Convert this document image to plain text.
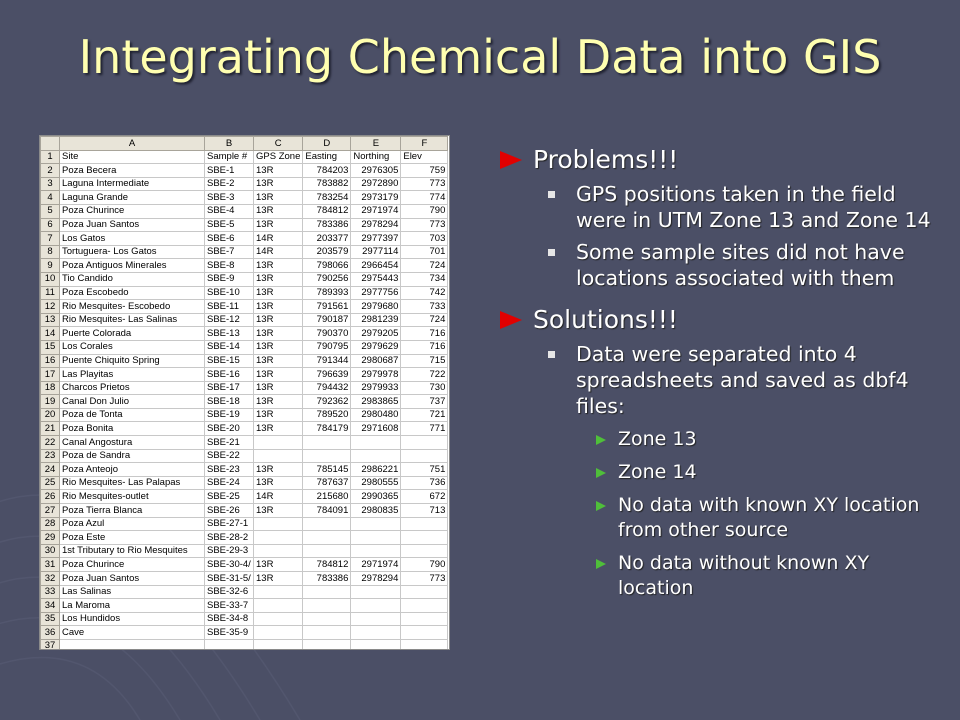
Integrating Chemical Data into GIS
	A	B	C	D	E	F
1	Site	Sample #	GPS Zone	Easting	Northing	Elev
2	Poza Becera	SBE-1	13R	784203	2976305	759
3	Laguna Intermediate	SBE-2	13R	783882	2972890	773
4	Laguna Grande	SBE-3	13R	783254	2973179	774
5	Poza Churince	SBE-4	13R	784812	2971974	790
6	Poza Juan Santos	SBE-5	13R	783386	2978294	773
7	Los Gatos	SBE-6	14R	203377	2977397	703
8	Tortuguera- Los Gatos	SBE-7	14R	203579	2977114	701
9	Poza Antiguos Minerales	SBE-8	13R	798066	2966454	724
10	Tio Candido	SBE-9	13R	790256	2975443	734
11	Poza Escobedo	SBE-10	13R	789393	2977756	742
12	Rio Mesquites- Escobedo	SBE-11	13R	791561	2979680	733
13	Rio Mesquites- Las Salinas	SBE-12	13R	790187	2981239	724
14	Puerte Colorada	SBE-13	13R	790370	2979205	716
15	Los Corales	SBE-14	13R	790795	2979629	716
16	Puente Chiquito Spring	SBE-15	13R	791344	2980687	715
17	Las Playitas	SBE-16	13R	796639	2979978	722
18	Charcos Prietos	SBE-17	13R	794432	2979933	730
19	Canal Don Julio	SBE-18	13R	792362	2983865	737
20	Poza de Tonta	SBE-19	13R	789520	2980480	721
21	Poza Bonita	SBE-20	13R	784179	2971608	771
22	Canal Angostura	SBE-21				
23	Poza de Sandra	SBE-22				
24	Poza Anteojo	SBE-23	13R	785145	2986221	751
25	Rio Mesquites- Las Palapas	SBE-24	13R	787637	2980555	736
26	Rio Mesquites-outlet	SBE-25	14R	215680	2990365	672
27	Poza Tierra Blanca	SBE-26	13R	784091	2980835	713
28	Poza Azul	SBE-27-1				
29	Poza Este	SBE-28-2				
30	1st Tributary to Rio Mesquites	SBE-29-3				
31	Poza Churince	SBE-30-4/	13R	784812	2971974	790
32	Poza Juan Santos	SBE-31-5/	13R	783386	2978294	773
33	Las Salinas	SBE-32-6				
34	La Maroma	SBE-33-7				
35	Los Hundidos	SBE-34-8				
36	Cave	SBE-35-9				
37						
Problems!!!
GPS positions taken in the field were in UTM Zone 13 and Zone 14
Some sample sites did not have locations associated with them
Solutions!!!
Data were separated into 4 spreadsheets and saved as dbf4 files:
Zone 13
Zone 14
No data with known XY location from other source
No data without known XY location
